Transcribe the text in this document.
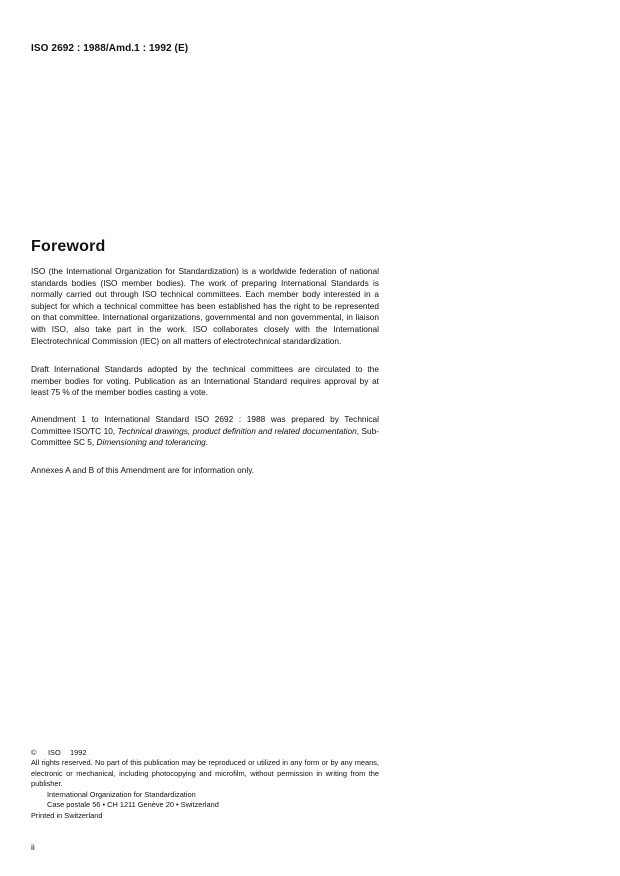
ISO 2692 : 1988/Amd.1 : 1992 (E)
Foreword

ISO (the International Organization for Standardization) is a worldwide federation of national standards bodies (ISO member bodies). The work of preparing International Standards is normally carried out through ISO technical committees. Each member body interested in a subject for which a technical committee has been established has the right to be represented on that committee. International organizations, governmental and non governmental, in liaison with ISO, also take part in the work. ISO collaborates closely with the International Electrotechnical Commission (IEC) on all matters of electrotechnical standardization.

Draft International Standards adopted by the technical committees are circulated to the member bodies for voting. Publication as an International Standard requires approval by at least 75 % of the member bodies casting a vote.

Amendment 1 to International Standard ISO 2692 : 1988 was prepared by Technical Committee ISO/TC 10, Technical drawings, product definition and related documentation, Sub-Committee SC 5, Dimensioning and tolerancing.

Annexes A and B of this Amendment are for information only.

© ISO 1992
All rights reserved. No part of this publication may be reproduced or utilized in any form or by any means, electronic or mechanical, including photocopying and microfilm, without permission in writing from the publisher.
International Organization for Standardization
Case postale 56 • CH 1211 Genève 20 • Switzerland
Printed in Switzerland
ii
